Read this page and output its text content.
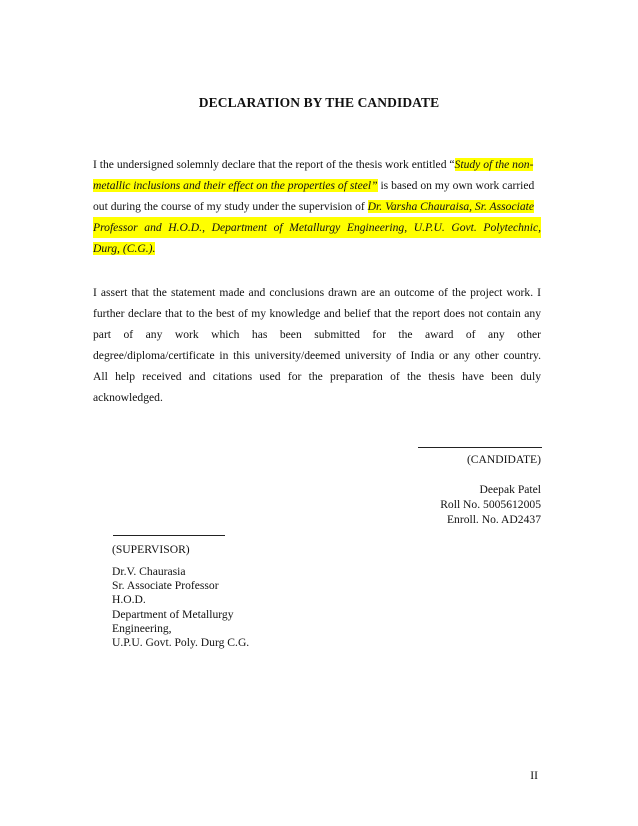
DECLARATION BY THE CANDIDATE
I the undersigned solemnly declare that the report of the thesis work entitled “Study of the non-
metallic inclusions and their effect on the properties of steel” is based on my own work carried
out during the course of my study under the supervision of Dr. Varsha Chauraisa, Sr. Associate
Professor and H.O.D., Department of Metallurgy Engineering, U.P.U. Govt. Polytechnic,
Durg, (C.G.).
I assert that the statement made and conclusions drawn are an outcome of the project work. I
further declare that to the best of my knowledge and belief that the report does not contain any
part of any work which has been submitted for the award of any other
degree/diploma/certificate in this university/deemed university of India or any other country.
All help received and citations used for the preparation of the thesis have been duly
acknowledged.
(CANDIDATE)
Deepak Patel
Roll No. 5005612005
Enroll. No. AD2437
(SUPERVISOR)
Dr.V. Chaurasia
Sr. Associate Professor
H.O.D.
Department of Metallurgy
Engineering,
U.P.U. Govt. Poly. Durg C.G.
II
